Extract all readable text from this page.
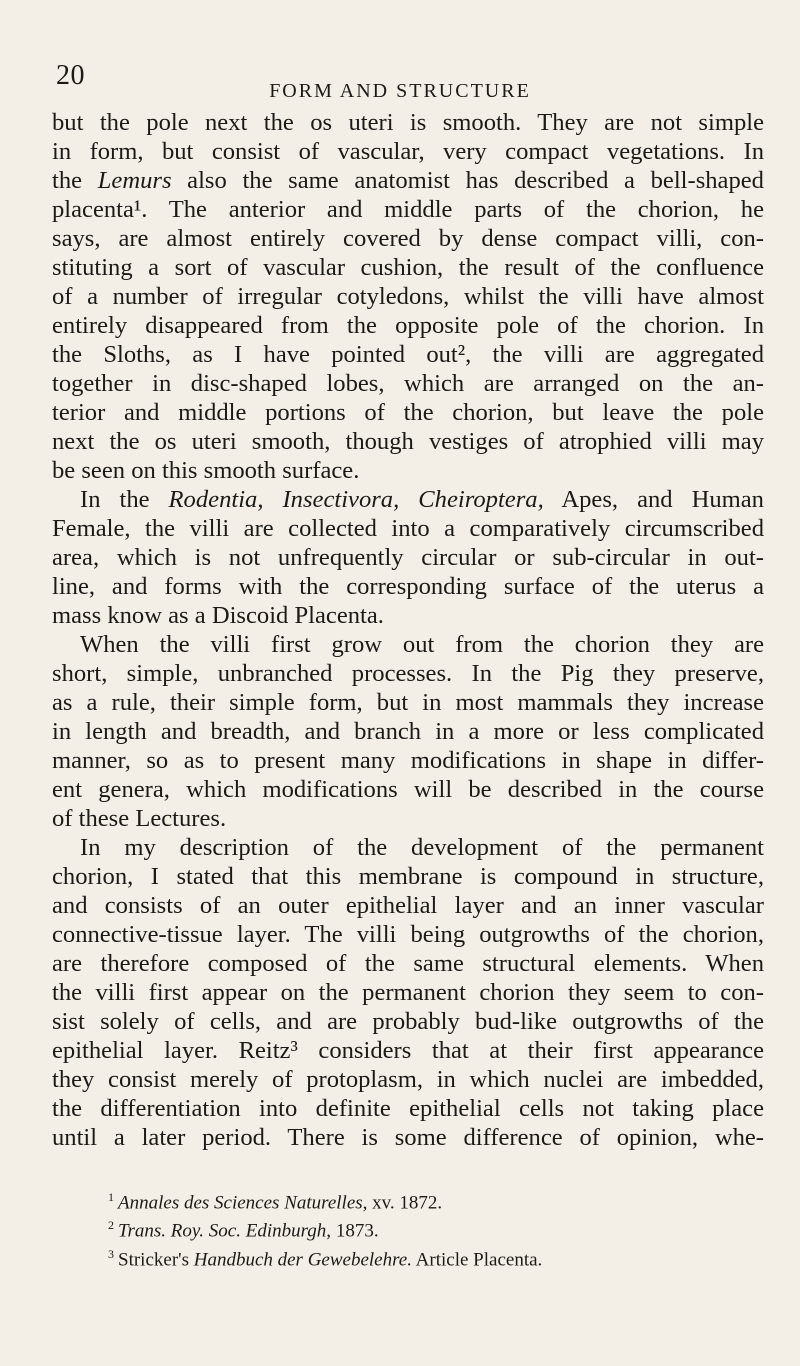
20	FORM AND STRUCTURE
but the pole next the os uteri is smooth. They are not simple
in form, but consist of vascular, very compact vegetations. In
the Lemurs also the same anatomist has described a bell-shaped
placenta¹. The anterior and middle parts of the chorion, he
says, are almost entirely covered by dense compact villi, con-
stituting a sort of vascular cushion, the result of the confluence
of a number of irregular cotyledons, whilst the villi have almost
entirely disappeared from the opposite pole of the chorion. In
the Sloths, as I have pointed out², the villi are aggregated
together in disc-shaped lobes, which are arranged on the an-
terior and middle portions of the chorion, but leave the pole
next the os uteri smooth, though vestiges of atrophied villi may
be seen on this smooth surface.
In the Rodentia, Insectivora, Cheiroptera, Apes, and Human
Female, the villi are collected into a comparatively circumscribed
area, which is not unfrequently circular or sub-circular in out-
line, and forms with the corresponding surface of the uterus a
mass know as a Discoid Placenta.
When the villi first grow out from the chorion they are
short, simple, unbranched processes. In the Pig they preserve,
as a rule, their simple form, but in most mammals they increase
in length and breadth, and branch in a more or less complicated
manner, so as to present many modifications in shape in differ-
ent genera, which modifications will be described in the course
of these Lectures.
In my description of the development of the permanent
chorion, I stated that this membrane is compound in structure,
and consists of an outer epithelial layer and an inner vascular
connective-tissue layer. The villi being outgrowths of the chorion,
are therefore composed of the same structural elements. When
the villi first appear on the permanent chorion they seem to con-
sist solely of cells, and are probably bud-like outgrowths of the
epithelial layer. Reitz³ considers that at their first appearance
they consist merely of protoplasm, in which nuclei are imbedded,
the differentiation into definite epithelial cells not taking place
until a later period. There is some difference of opinion, whe-
$^1$ Annales des Sciences Naturelles, xv. 1872.
$^2$ Trans. Roy. Soc. Edinburgh, 1873.
$^3$ Stricker's Handbuch der Gewebelehre. Article Placenta.
